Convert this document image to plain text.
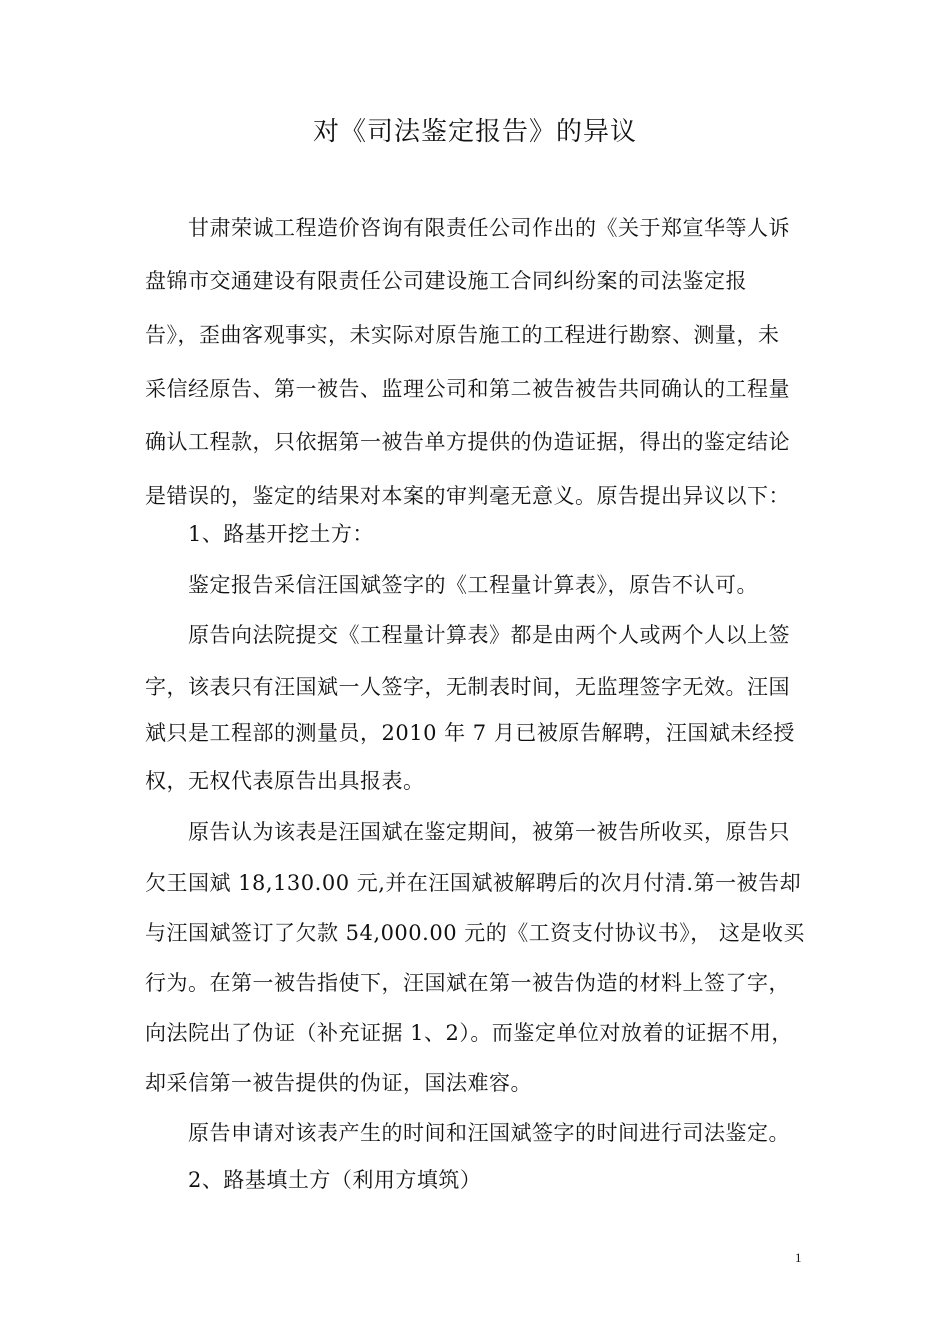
对《司法鉴定报告》的异议
　　甘肃荣诚工程造价咨询有限责任公司作出的《关于郑宣华等人诉
盘锦市交通建设有限责任公司建设施工合同纠纷案的司法鉴定报
告》，歪曲客观事实，未实际对原告施工的工程进行勘察、测量，未
采信经原告、第一被告、监理公司和第二被告被告共同确认的工程量
确认工程款，只依据第一被告单方提供的伪造证据，得出的鉴定结论
是错误的，鉴定的结果对本案的审判毫无意义。原告提出异议以下：
　　1、路基开挖土方：
　　鉴定报告采信汪国斌签字的《工程量计算表》，原告不认可。
　　原告向法院提交《工程量计算表》都是由两个人或两个人以上签
字，该表只有汪国斌一人签字，无制表时间，无监理签字无效。汪国
斌只是工程部的测量员，2010 年 7 月已被原告解聘，汪国斌未经授
权，无权代表原告出具报表。
　　原告认为该表是汪国斌在鉴定期间，被第一被告所收买，原告只
欠王国斌 18,130.00 元,并在汪国斌被解聘后的次月付清.第一被告却
与汪国斌签订了欠款 54,000.00 元的《工资支付协议书》， 这是收买
行为。在第一被告指使下，汪国斌在第一被告伪造的材料上签了字，
向法院出了伪证（补充证据 1、2）。而鉴定单位对放着的证据不用，
却采信第一被告提供的伪证，国法难容。
　　原告申请对该表产生的时间和汪国斌签字的时间进行司法鉴定。
　　2、路基填土方（利用方填筑）
1
